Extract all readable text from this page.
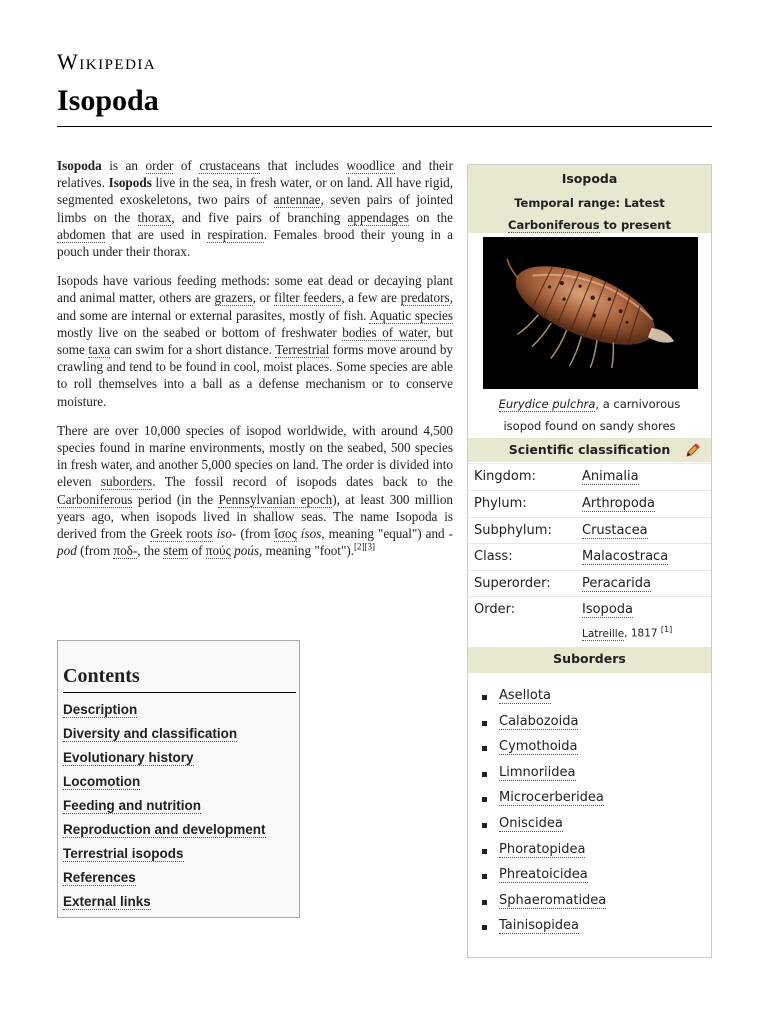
Wikipedia
Isopoda

Isopoda is an order of crustaceans that includes woodlice and their relatives. Isopods live in the sea, in fresh water, or on land. All have rigid, segmented exoskeletons, two pairs of antennae, seven pairs of jointed limbs on the thorax, and five pairs of branching appendages on the abdomen that are used in respiration. Females brood their young in a pouch under their thorax.

Isopods have various feeding methods: some eat dead or decaying plant and animal matter, others are grazers, or filter feeders, a few are predators, and some are internal or external parasites, mostly of fish. Aquatic species mostly live on the seabed or bottom of freshwater bodies of water, but some taxa can swim for a short distance. Terrestrial forms move around by crawling and tend to be found in cool, moist places. Some species are able to roll themselves into a ball as a defense mechanism or to conserve moisture.

There are over 10,000 species of isopod worldwide, with around 4,500 species found in marine environments, mostly on the seabed, 500 species in fresh water, and another 5,000 species on land. The order is divided into eleven suborders. The fossil record of isopods dates back to the Carboniferous period (in the Pennsylvanian epoch), at least 300 million years ago, when isopods lived in shallow seas. The name Isopoda is derived from the Greek roots iso- (from ἴσος ísos, meaning "equal") and -pod (from ποδ-, the stem of πούς poús, meaning "foot").[2][3]

Contents
Description
Diversity and classification
Evolutionary history
Locomotion
Feeding and nutrition
Reproduction and development
Terrestrial isopods
References
External links
Isopoda
Temporal range: Latest
Carboniferous to present
Eurydice pulchra, a carnivorous
isopod found on sandy shores
Scientific classification
Kingdom:	Animalia
Phylum:	Arthropoda
Subphylum: Crustacea
Class:	Malacostraca
Superorder: Peracarida
Order:	Isopoda
Latreille, 1817 [1]
Suborders
Asellota
Calabozoida
Cymothoida
Limnoriidea
Microcerberidea
Oniscidea
Phoratopidea
Phreatoicidea
Sphaeromatidea
Tainisopidea
